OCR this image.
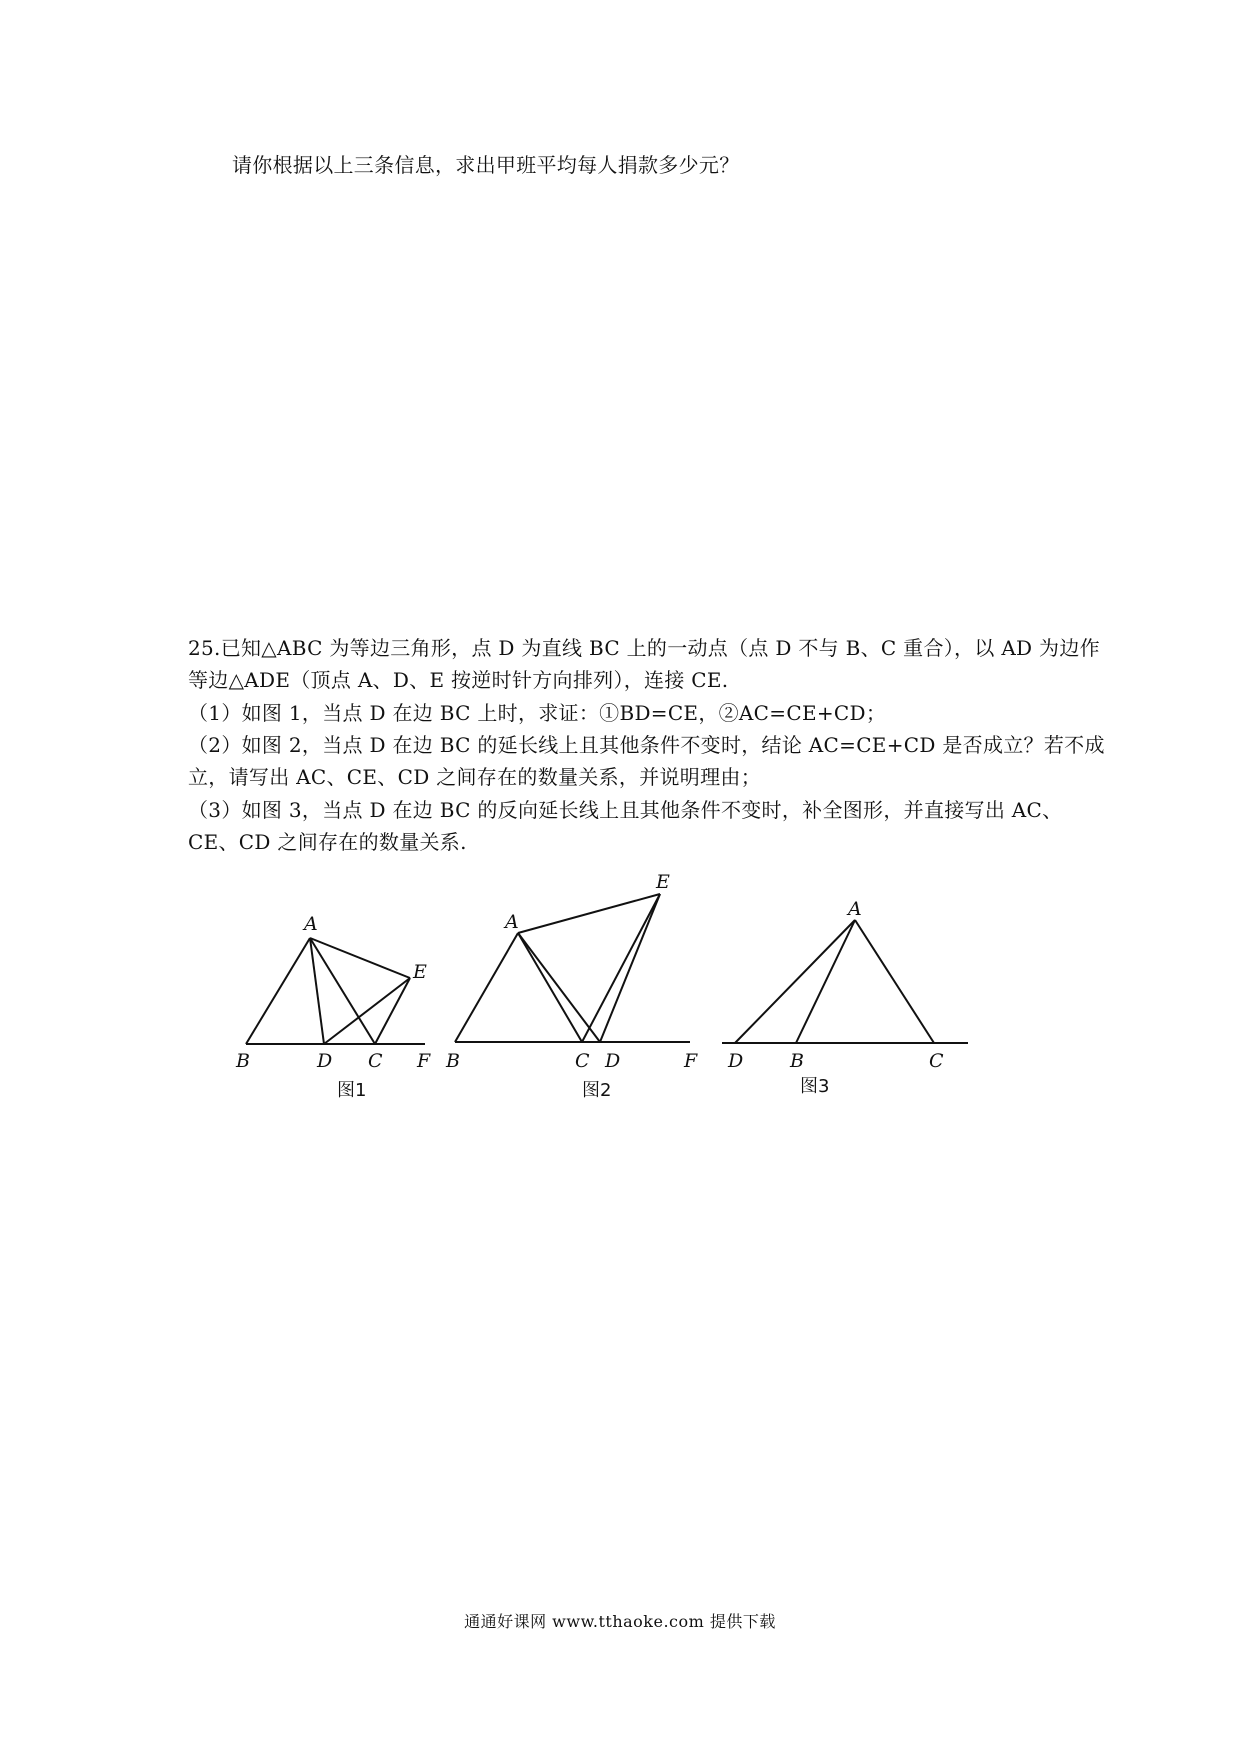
请你根据以上三条信息，求出甲班平均每人捐款多少元？
25.已知△ABC 为等边三角形，点 D 为直线 BC 上的一动点（点 D 不与 B、C 重合），以 AD 为边作
等边△ADE（顶点 A、D、E 按逆时针方向排列），连接 CE.
（1）如图 1，当点 D 在边 BC 上时，求证：①BD=CE，②AC=CE+CD；
（2）如图 2，当点 D 在边 BC 的延长线上且其他条件不变时，结论 AC=CE+CD 是否成立？若不成
立，请写出 AC、CE、CD 之间存在的数量关系，并说明理由；
（3）如图 3，当点 D 在边 BC 的反向延长线上且其他条件不变时，补全图形，并直接写出 AC、
CE、CD 之间存在的数量关系.
A
B	D C F
E
图1
A
B	C D	F
E
图2
A
D B	C
图3
通通好课网 www.tthaoke.com 提供下载
